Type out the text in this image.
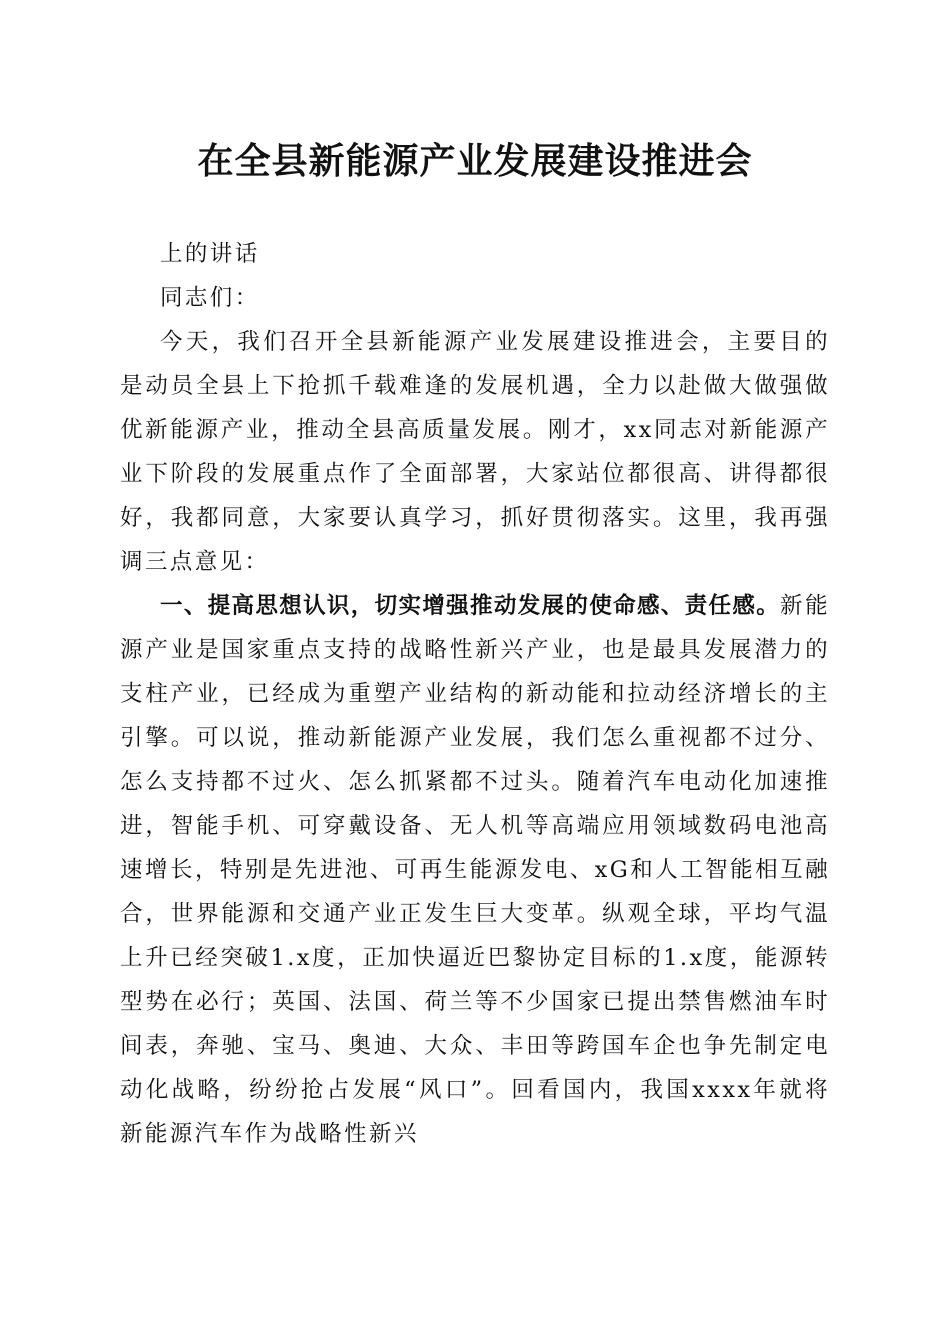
在全县新能源产业发展建设推进会

上的讲话

同志们：

今天，我们召开全县新能源产业发展建设推进会，主要目的是动员全县上下抢抓千载难逢的发展机遇，全力以赴做大做强做优新能源产业，推动全县高质量发展。刚才，xx同志对新能源产业下阶段的发展重点作了全面部署，大家站位都很高、讲得都很好，我都同意，大家要认真学习，抓好贯彻落实。这里，我再强调三点意见：

一、提高思想认识，切实增强推动发展的使命感、责任感。新能源产业是国家重点支持的战略性新兴产业，也是最具发展潜力的支柱产业，已经成为重塑产业结构的新动能和拉动经济增长的主引擎。可以说，推动新能源产业发展，我们怎么重视都不过分、怎么支持都不过火、怎么抓紧都不过头。随着汽车电动化加速推进，智能手机、可穿戴设备、无人机等高端应用领域数码电池高速增长，特别是先进池、可再生能源发电、xG和人工智能相互融合，世界能源和交通产业正发生巨大变革。纵观全球，平均气温上升已经突破1.x度，正加快逼近巴黎协定目标的1.x度，能源转型势在必行；英国、法国、荷兰等不少国家已提出禁售燃油车时间表，奔驰、宝马、奥迪、大众、丰田等跨国车企也争先制定电动化战略，纷纷抢占发展“风口”。回看国内，我国xxxx年就将新能源汽车作为战略性新兴
